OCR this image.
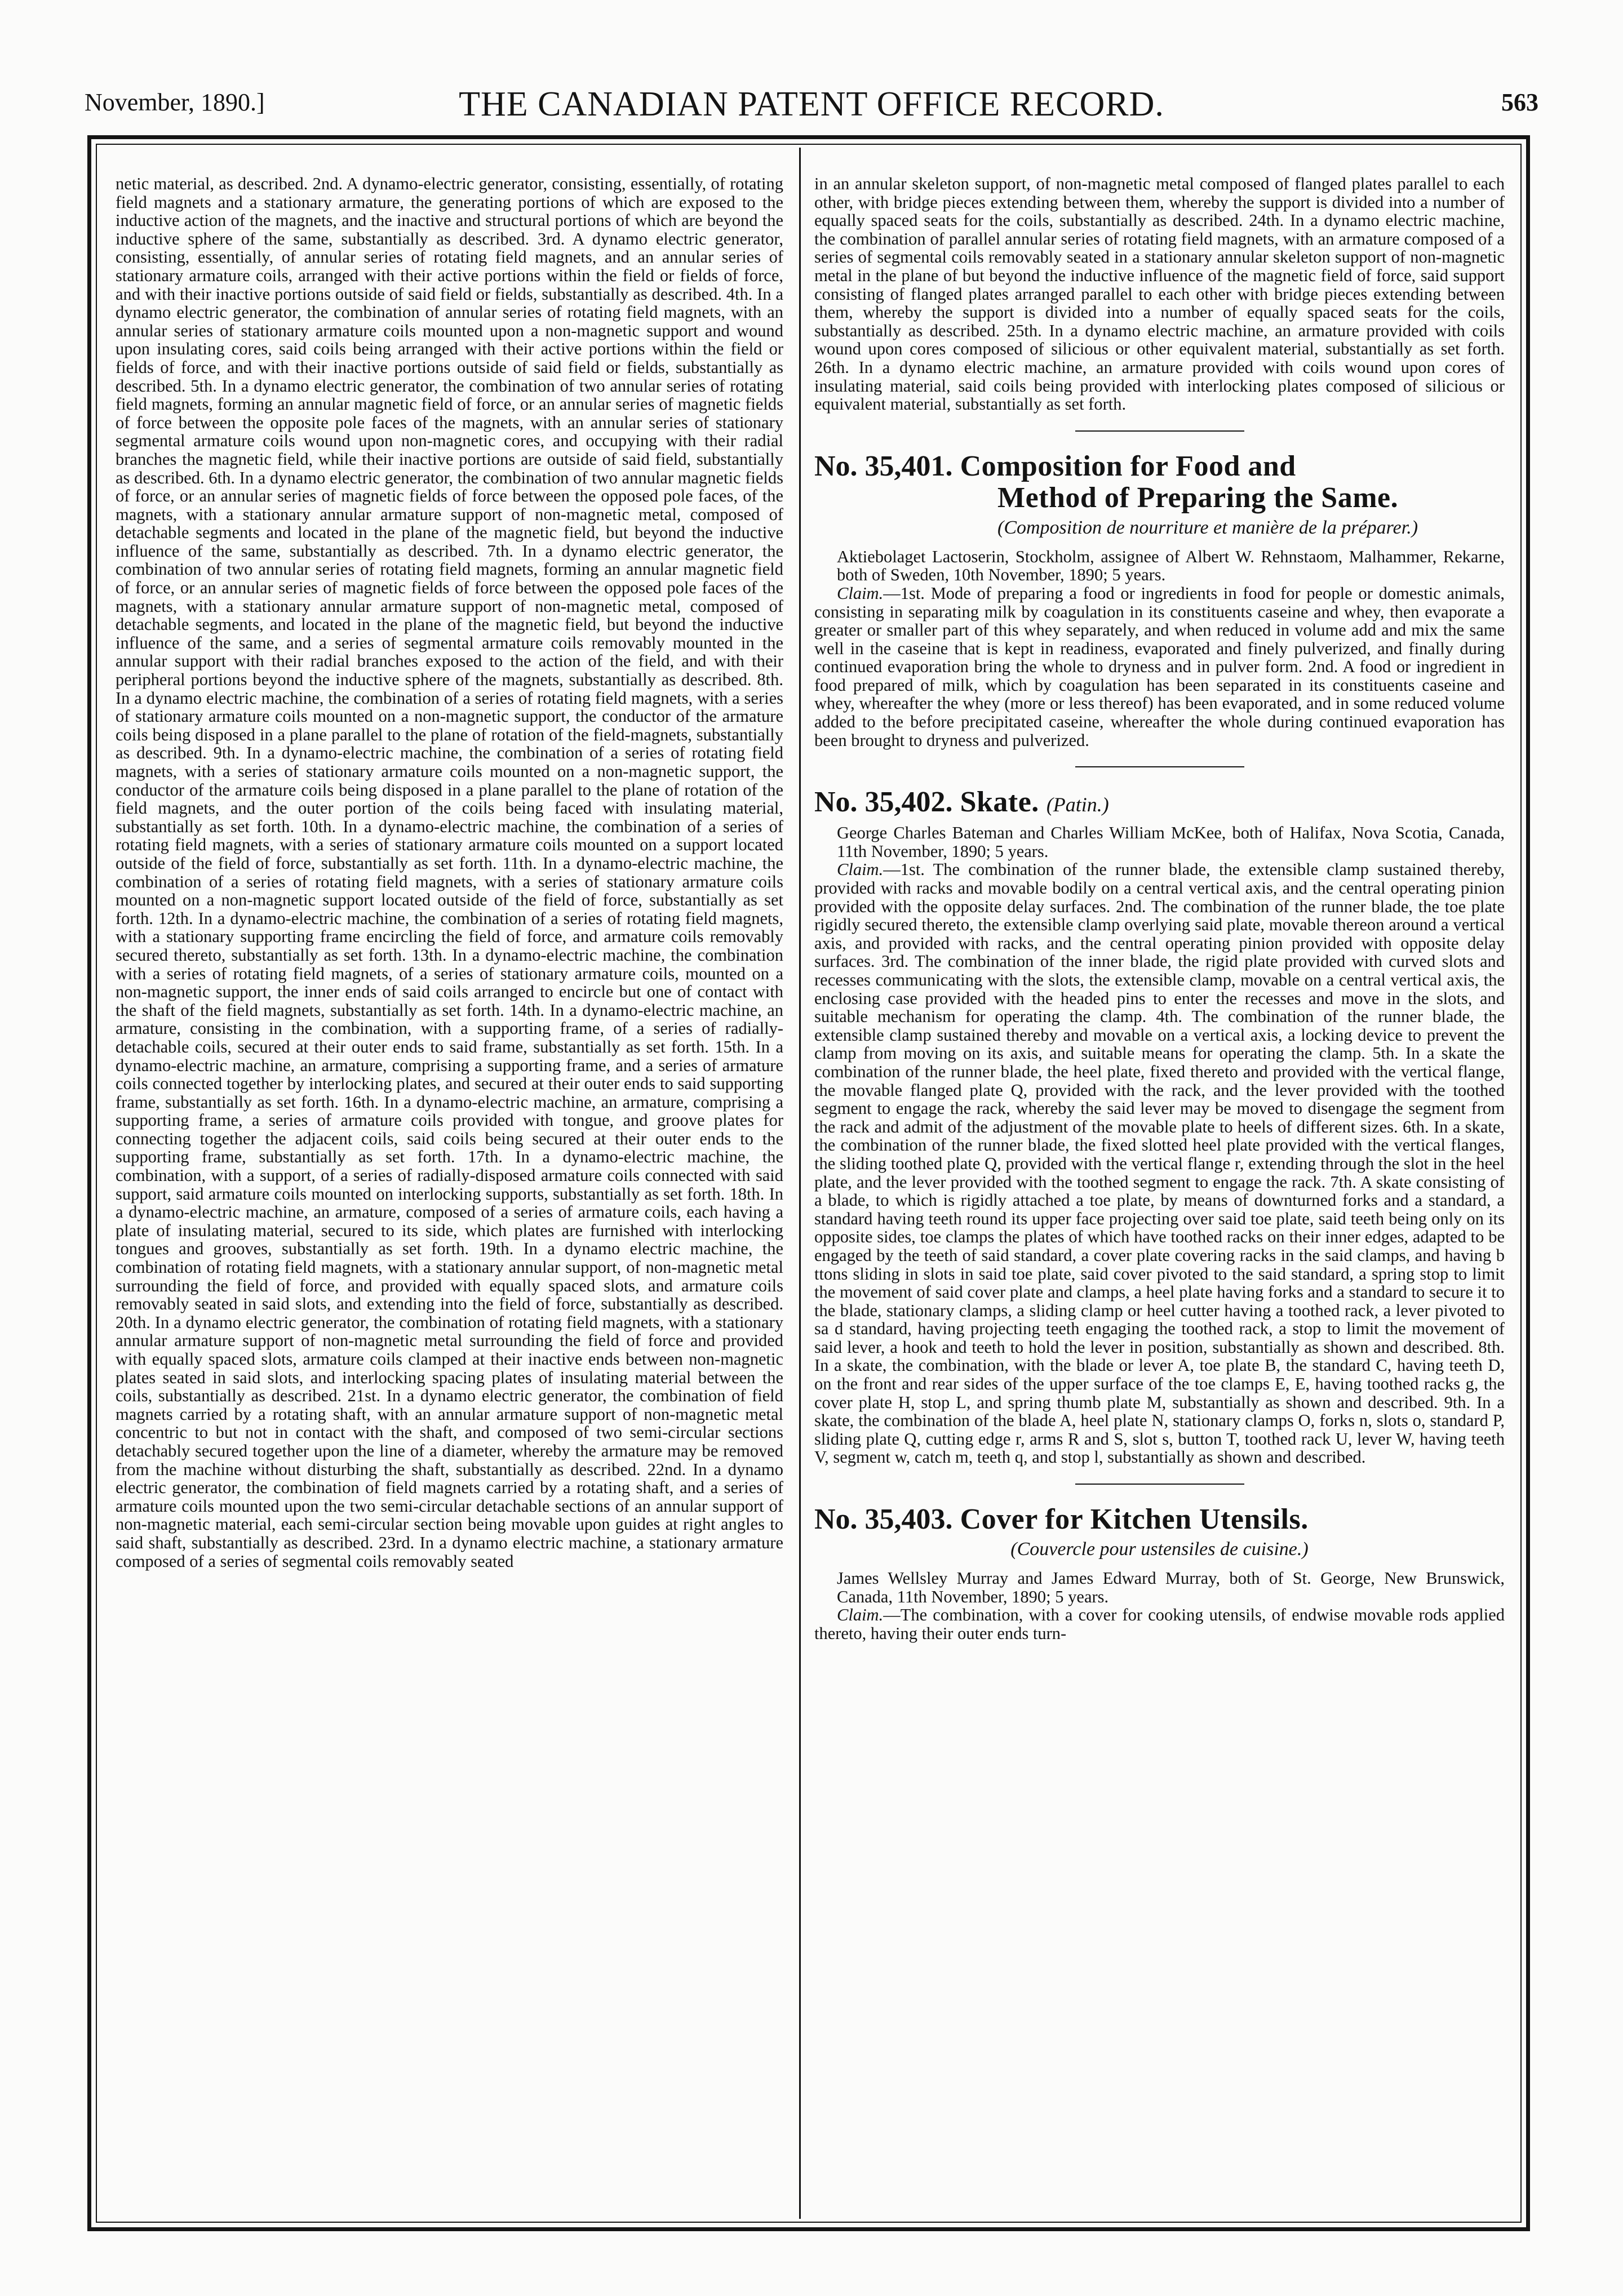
November, 1890.]	THE CANADIAN PATENT OFFICE RECORD.	563

netic material, as described. 2nd. A dynamo-electric generator, consisting, essentially, of rotating field magnets and a stationary armature, the generating portions of which are exposed to the inductive action of the magnets, and the inactive and structural portions of which are beyond the inductive sphere of the same, substantially as described. 3rd. A dynamo electric generator, consisting, essentially, of annular series of rotating field magnets, and an annular series of stationary armature coils, arranged with their active portions within the field or fields of force, and with their inactive portions outside of said field or fields, substantially as described. 4th. In a dynamo electric generator, the combination of annular series of rotating field magnets, with an annular series of stationary armature coils mounted upon a non-magnetic support and wound upon insulating cores, said coils being arranged with their active portions within the field or fields of force, and with their inactive portions outside of said field or fields, substantially as described. 5th. In a dynamo electric generator, the combination of two annular series of rotating field magnets, forming an annular magnetic field of force, or an annular series of magnetic fields of force between the opposite pole faces of the magnets, with an annular series of stationary segmental armature coils wound upon non-magnetic cores, and occupying with their radial branches the magnetic field, while their inactive portions are outside of said field, substantially as described. 6th. In a dynamo electric generator, the combination of two annular magnetic fields of force, or an annular series of magnetic fields of force between the opposed pole faces, of the magnets, with a stationary annular armature support of non-magnetic metal, composed of detachable segments and located in the plane of the magnetic field, but beyond the inductive influence of the same, substantially as described. 7th. In a dynamo electric generator, the combination of two annular series of rotating field magnets, forming an annular magnetic field of force, or an annular series of magnetic fields of force between the opposed pole faces of the magnets, with a stationary annular armature support of non-magnetic metal, composed of detachable segments, and located in the plane of the magnetic field, but beyond the inductive influence of the same, and a series of segmental armature coils removably mounted in the annular support with their radial branches exposed to the action of the field, and with their peripheral portions beyond the inductive sphere of the magnets, substantially as described. 8th. In a dynamo electric machine, the combination of a series of rotating field magnets, with a series of stationary armature coils mounted on a non-magnetic support, the conductor of the armature coils being disposed in a plane parallel to the plane of rotation of the field-magnets, substantially as described. 9th. In a dynamo-electric machine, the combination of a series of rotating field magnets, with a series of stationary armature coils mounted on a non-magnetic support, the conductor of the armature coils being disposed in a plane parallel to the plane of rotation of the field magnets, and the outer portion of the coils being faced with insulating material, substantially as set forth. 10th. In a dynamo-electric machine, the combination of a series of rotating field magnets, with a series of stationary armature coils mounted on a support located outside of the field of force, substantially as set forth. 11th. In a dynamo-electric machine, the combination of a series of rotating field magnets, with a series of stationary armature coils mounted on a non-magnetic support located outside of the field of force, substantially as set forth. 12th. In a dynamo-electric machine, the combination of a series of rotating field magnets, with a stationary supporting frame encircling the field of force, and armature coils removably secured thereto, substantially as set forth. 13th. In a dynamo-electric machine, the combination with a series of rotating field magnets, of a series of stationary armature coils, mounted on a non-magnetic support, the inner ends of said coils arranged to encircle but one of contact with the shaft of the field magnets, substantially as set forth. 14th. In a dynamo-electric machine, an armature, consisting in the combination, with a supporting frame, of a series of radially-detachable coils, secured at their outer ends to said frame, substantially as set forth. 15th. In a dynamo-electric machine, an armature, comprising a supporting frame, and a series of armature coils connected together by interlocking plates, and secured at their outer ends to said supporting frame, substantially as set forth. 16th. In a dynamo-electric machine, an armature, comprising a supporting frame, a series of armature coils provided with tongue, and groove plates for connecting together the adjacent coils, said coils being secured at their outer ends to the supporting frame, substantially as set forth. 17th. In a dynamo-electric machine, the combination, with a support, of a series of radially-disposed armature coils connected with said support, said armature coils mounted on interlocking supports, substantially as set forth. 18th. In a dynamo-electric machine, an armature, composed of a series of armature coils, each having a plate of insulating material, secured to its side, which plates are furnished with interlocking tongues and grooves, substantially as set forth. 19th. In a dynamo electric machine, the combination of rotating field magnets, with a stationary annular support, of non-magnetic metal surrounding the field of force, and provided with equally spaced slots, and armature coils removably seated in said slots, and extending into the field of force, substantially as described. 20th. In a dynamo electric generator, the combination of rotating field magnets, with a stationary annular armature support of non-magnetic metal surrounding the field of force and provided with equally spaced slots, armature coils clamped at their inactive ends between non-magnetic plates seated in said slots, and interlocking spacing plates of insulating material between the coils, substantially as described. 21st. In a dynamo electric generator, the combination of field magnets carried by a rotating shaft, with an annular armature support of non-magnetic metal concentric to but not in contact with the shaft, and composed of two semi-circular sections detachably secured together upon the line of a diameter, whereby the armature may be removed from the machine without disturbing the shaft, substantially as described. 22nd. In a dynamo electric generator, the combination of field magnets carried by a rotating shaft, and a series of armature coils mounted upon the two semi-circular detachable sections of an annular support of non-magnetic material, each semi-circular section being movable upon guides at right angles to said shaft, substantially as described. 23rd. In a dynamo electric machine, a stationary armature composed of a series of segmental coils removably seated

in an annular skeleton support, of non-magnetic metal composed of flanged plates parallel to each other, with bridge pieces extending between them, whereby the support is divided into a number of equally spaced seats for the coils, substantially as described. 24th. In a dynamo electric machine, the combination of parallel annular series of rotating field magnets, with an armature composed of a series of segmental coils removably seated in a stationary annular skeleton support of non-magnetic metal in the plane of but beyond the inductive influence of the magnetic field of force, said support consisting of flanged plates arranged parallel to each other with bridge pieces extending between them, whereby the support is divided into a number of equally spaced seats for the coils, substantially as described. 25th. In a dynamo electric machine, an armature provided with coils wound upon cores composed of silicious or other equivalent material, substantially as set forth. 26th. In a dynamo electric machine, an armature provided with coils wound upon cores of insulating material, said coils being provided with interlocking plates composed of silicious or equivalent material, substantially as set forth.

No. 35,401. Composition for Food and
Method of Preparing the Same.
(Composition de nourriture et manière de la préparer.)

Aktiebolaget Lactoserin, Stockholm, assignee of Albert W. Rehnstaom, Malhammer, Rekarne, both of Sweden, 10th November, 1890; 5 years.

Claim.—1st. Mode of preparing a food or ingredients in food for people or domestic animals, consisting in separating milk by coagulation in its constituents caseine and whey, then evaporate a greater or smaller part of this whey separately, and when reduced in volume add and mix the same well in the caseine that is kept in readiness, evaporated and finely pulverized, and finally during continued evaporation bring the whole to dryness and in pulver form. 2nd. A food or ingredient in food prepared of milk, which by coagulation has been separated in its constituents caseine and whey, whereafter the whey (more or less thereof) has been evaporated, and in some reduced volume added to the before precipitated caseine, whereafter the whole during continued evaporation has been brought to dryness and pulverized.

No. 35,402. Skate. (Patin.)

George Charles Bateman and Charles William McKee, both of Halifax, Nova Scotia, Canada, 11th November, 1890; 5 years.

Claim.—1st. The combination of the runner blade, the extensible clamp sustained thereby, provided with racks and movable bodily on a central vertical axis, and the central operating pinion provided with the opposite delay surfaces. 2nd. The combination of the runner blade, the toe plate rigidly secured thereto, the extensible clamp overlying said plate, movable thereon around a vertical axis, and provided with racks, and the central operating pinion provided with opposite delay surfaces. 3rd. The combination of the inner blade, the rigid plate provided with curved slots and recesses communicating with the slots, the extensible clamp, movable on a central vertical axis, the enclosing case provided with the headed pins to enter the recesses and move in the slots, and suitable mechanism for operating the clamp. 4th. The combination of the runner blade, the extensible clamp sustained thereby and movable on a vertical axis, a locking device to prevent the clamp from moving on its axis, and suitable means for operating the clamp. 5th. In a skate the combination of the runner blade, the heel plate, fixed thereto and provided with the vertical flange, the movable flanged plate Q, provided with the rack, and the lever provided with the toothed segment to engage the rack, whereby the said lever may be moved to disengage the segment from the rack and admit of the adjustment of the movable plate to heels of different sizes. 6th. In a skate, the combination of the runner blade, the fixed slotted heel plate provided with the vertical flanges, the sliding toothed plate Q, provided with the vertical flange r, extending through the slot in the heel plate, and the lever provided with the toothed segment to engage the rack. 7th. A skate consisting of a blade, to which is rigidly attached a toe plate, by means of downturned forks and a standard, a standard having teeth round its upper face projecting over said toe plate, said teeth being only on its opposite sides, toe clamps the plates of which have toothed racks on their inner edges, adapted to be engaged by the teeth of said standard, a cover plate covering racks in the said clamps, and having b ttons sliding in slots in said toe plate, said cover pivoted to the said standard, a spring stop to limit the movement of said cover plate and clamps, a heel plate having forks and a standard to secure it to the blade, stationary clamps, a sliding clamp or heel cutter having a toothed rack, a lever pivoted to sa d standard, having projecting teeth engaging the toothed rack, a stop to limit the movement of said lever, a hook and teeth to hold the lever in position, substantially as shown and described. 8th. In a skate, the combination, with the blade or lever A, toe plate B, the standard C, having teeth D, on the front and rear sides of the upper surface of the toe clamps E, E, having toothed racks g, the cover plate H, stop L, and spring thumb plate M, substantially as shown and described. 9th. In a skate, the combination of the blade A, heel plate N, stationary clamps O, forks n, slots o, standard P, sliding plate Q, cutting edge r, arms R and S, slot s, button T, toothed rack U, lever W, having teeth V, segment w, catch m, teeth q, and stop l, substantially as shown and described.

No. 35,403. Cover for Kitchen Utensils.
(Couvercle pour ustensiles de cuisine.)

James Wellsley Murray and James Edward Murray, both of St. George, New Brunswick, Canada, 11th November, 1890; 5 years.

Claim.—The combination, with a cover for cooking utensils, of endwise movable rods applied thereto, having their outer ends turn-
